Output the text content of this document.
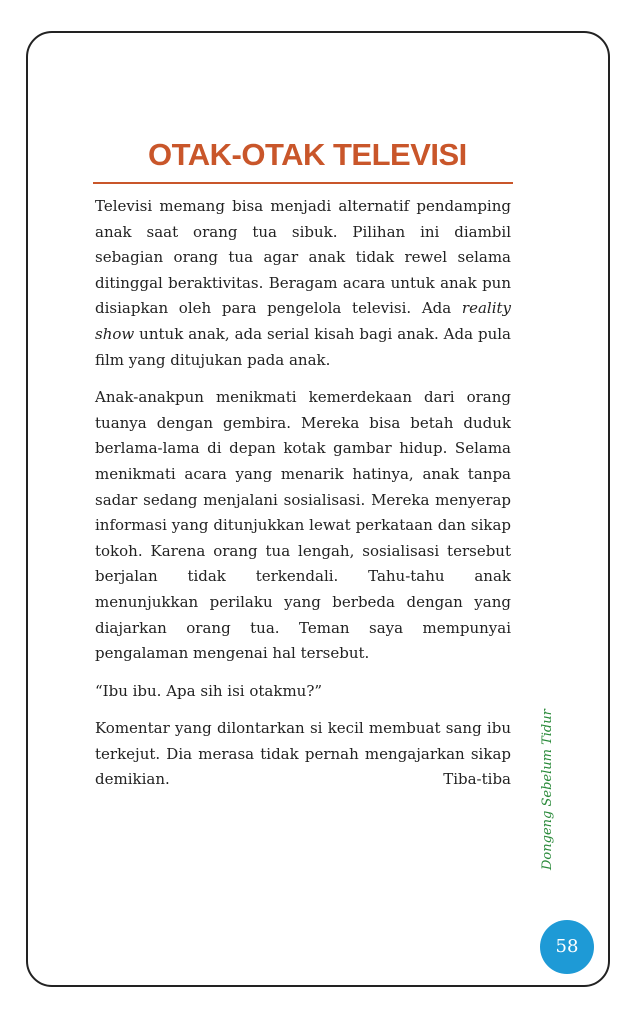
OTAK-OTAK TELEVISI

Televisi memang bisa menjadi alternatif pendamping anak saat orang tua sibuk. Pilihan ini diambil sebagian orang tua agar anak tidak rewel selama ditinggal beraktivitas. Beragam acara untuk anak pun disiapkan oleh para pengelola televisi. Ada reality show untuk anak, ada serial kisah bagi anak. Ada pula film yang ditujukan pada anak.

Anak-anakpun menikmati kemerdekaan dari orang tuanya dengan gembira. Mereka bisa betah duduk berlama-lama di depan kotak gambar hidup. Selama menikmati acara yang menarik hatinya, anak tanpa sadar sedang menjalani sosialisasi. Mereka menyerap informasi yang ditunjukkan lewat perkataan dan sikap tokoh. Karena orang tua lengah, sosialisasi tersebut berjalan tidak terkendali. Tahu-tahu anak menunjukkan perilaku yang berbeda dengan yang diajarkan orang tua. Teman saya mempunyai pengalaman mengenai hal tersebut.

“Ibu ibu. Apa sih isi otakmu?”

Komentar yang dilontarkan si kecil membuat sang ibu terkejut. Dia merasa tidak pernah mengajarkan sikap demikian. Tiba-tiba Dongeng Sebelum Tidur
58
